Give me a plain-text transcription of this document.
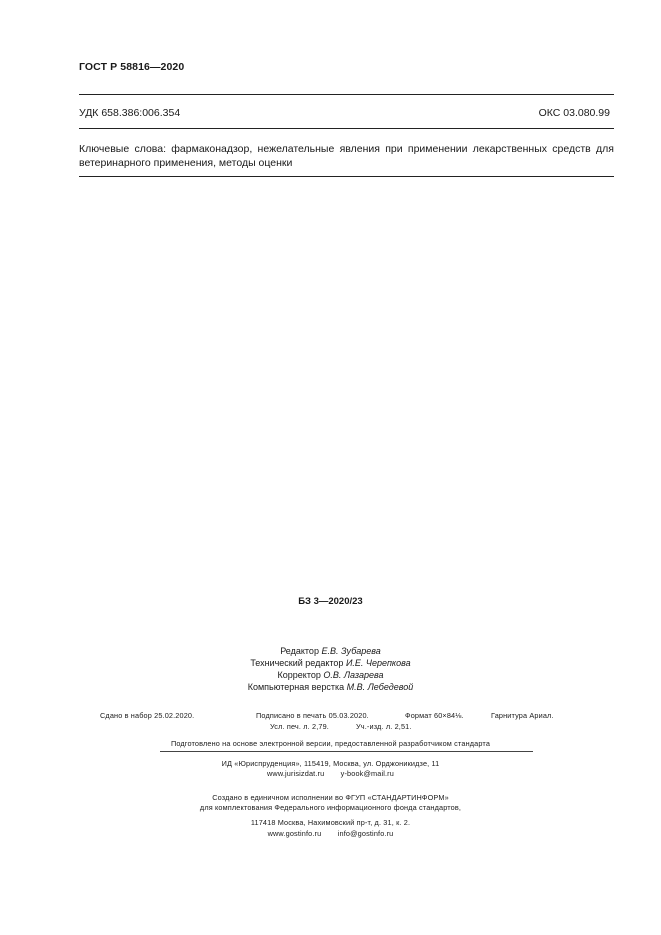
ГОСТ Р 58816—2020
УДК 658.386:006.354	ОКС 03.080.99
Ключевые слова: фармаконадзор, нежелательные явления при применении лекарственных средств для ветеринарного применения, методы оценки
БЗ 3—2020/23
Редактор Е.В. Зубарева
Технический редактор И.Е. Черепкова
Корректор О.В. Лазарева
Компьютерная верстка М.В. Лебедевой
Сдано в набор 25.02.2020.	Подписано в печать 05.03.2020.	Формат 60×84⅛.	Гарнитура Ариал.
Усл. печ. л. 2,79.	Уч.-изд. л. 2,51.
Подготовлено на основе электронной версии, предоставленной разработчиком стандарта
ИД «Юриспруденция», 115419, Москва, ул. Орджоникидзе, 11
www.jurisizdat.ru y-book@mail.ru
Создано в единичном исполнении во ФГУП «СТАНДАРТИНФОРМ»
для комплектования Федерального информационного фонда стандартов,
117418 Москва, Нахимовский пр-т, д. 31, к. 2.
www.gostinfo.ru info@gostinfo.ru
